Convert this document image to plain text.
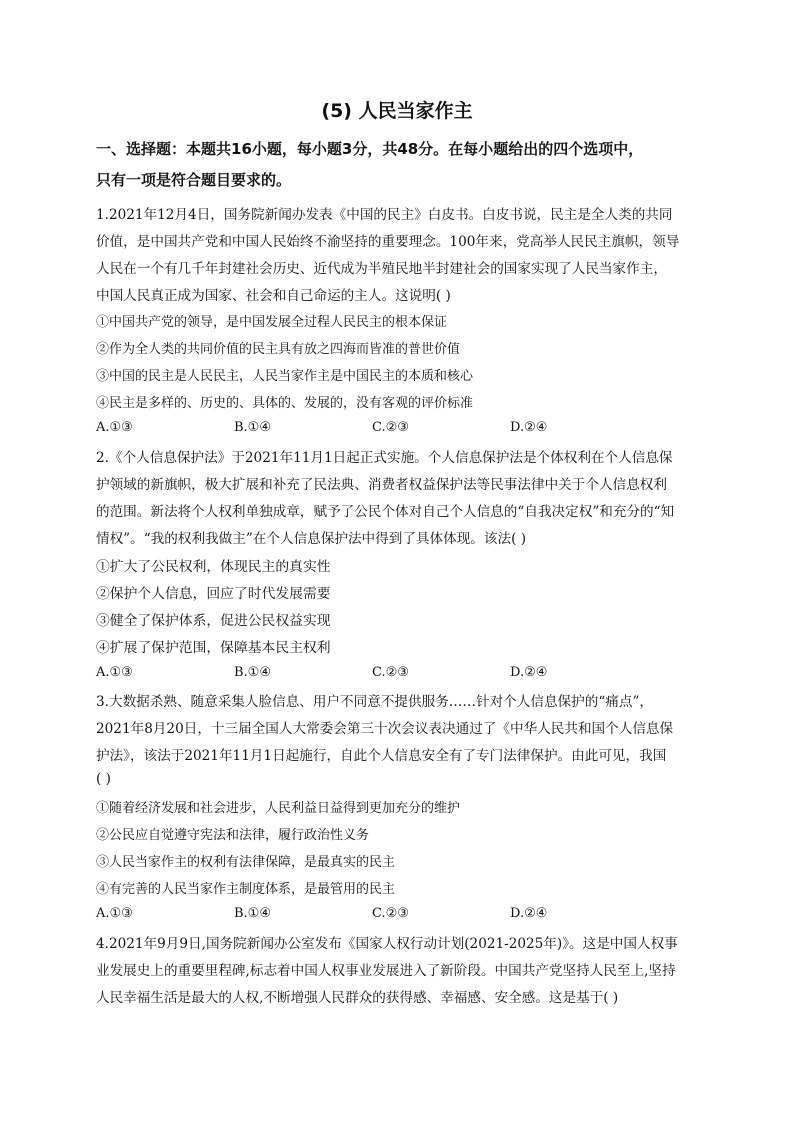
(5) 人民当家作主
一、选择题：本题共16小题，每小题3分，共48分。在每小题给出的四个选项中，
只有一项是符合题目要求的。
1.2021年12月4日，国务院新闻办发表《中国的民主》白皮书。白皮书说，民主是全人类的共同
价值，是中国共产党和中国人民始终不渝坚持的重要理念。100年来，党高举人民民主旗帜，领导
人民在一个有几千年封建社会历史、近代成为半殖民地半封建社会的国家实现了人民当家作主，
中国人民真正成为国家、社会和自己命运的主人。这说明( )
①中国共产党的领导，是中国发展全过程人民民主的根本保证
②作为全人类的共同价值的民主具有放之四海而皆准的普世价值
③中国的民主是人民民主，人民当家作主是中国民主的本质和核心
④民主是多样的、历史的、具体的、发展的，没有客观的评价标准
A.①③	B.①④	C.②③	D.②④
2.《个人信息保护法》于2021年11月1日起正式实施。个人信息保护法是个体权利在个人信息保
护领域的新旗帜，极大扩展和补充了民法典、消费者权益保护法等民事法律中关于个人信息权利
的范围。新法将个人权利单独成章，赋予了公民个体对自己个人信息的“自我决定权”和充分的“知
情权”。“我的权利我做主”在个人信息保护法中得到了具体体现。该法( )
①扩大了公民权利，体现民主的真实性
②保护个人信息，回应了时代发展需要
③健全了保护体系，促进公民权益实现
④扩展了保护范围，保障基本民主权利
A.①③	B.①④	C.②③	D.②④
3.大数据杀熟、随意采集人脸信息、用户不同意不提供服务……针对个人信息保护的“痛点”，
2021年8月20日，十三届全国人大常委会第三十次会议表决通过了《中华人民共和国个人信息保
护法》，该法于2021年11月1日起施行，自此个人信息安全有了专门法律保护。由此可见，我国
( )
①随着经济发展和社会进步，人民利益日益得到更加充分的维护
②公民应自觉遵守宪法和法律，履行政治性义务
③人民当家作主的权利有法律保障，是最真实的民主
④有完善的人民当家作主制度体系，是最管用的民主
A.①③	B.①④	C.②③	D.②④
4.2021年9月9日,国务院新闻办公室发布《国家人权行动计划(2021-2025年)》。这是中国人权事
业发展史上的重要里程碑,标志着中国人权事业发展进入了新阶段。中国共产党坚持人民至上,坚持
人民幸福生活是最大的人权,不断增强人民群众的获得感、幸福感、安全感。这是基于( )
